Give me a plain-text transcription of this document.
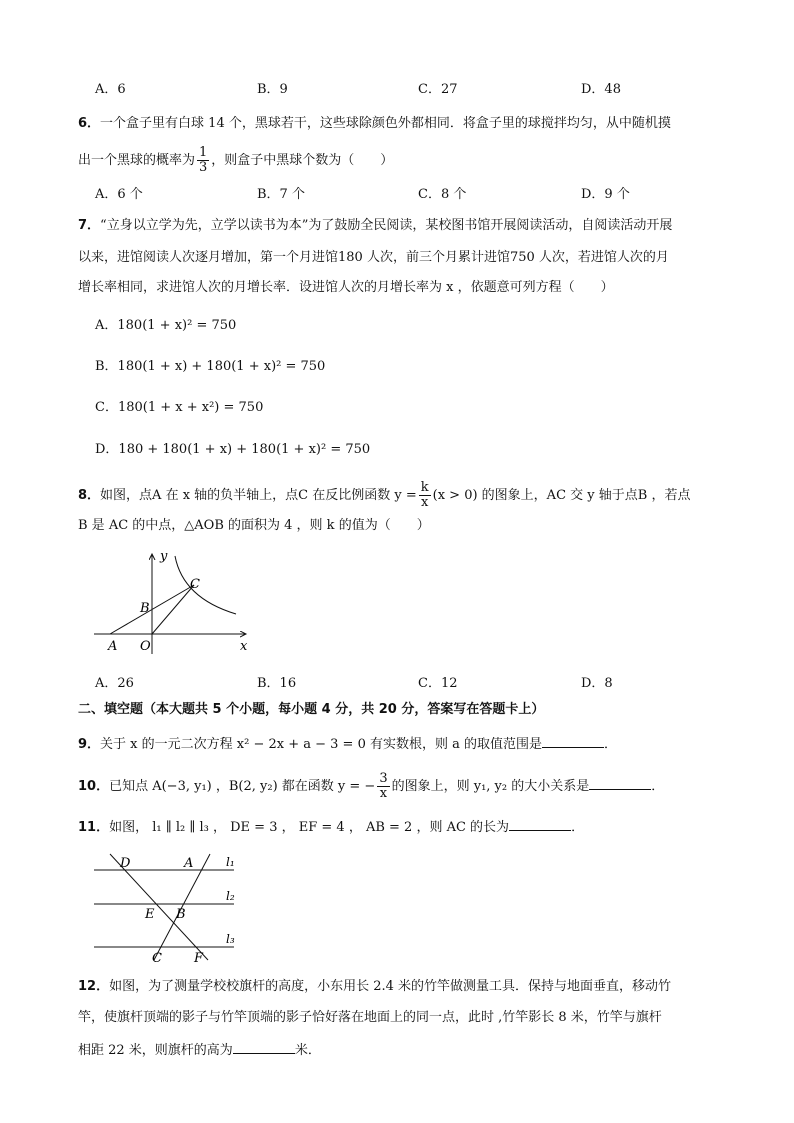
A．6	B．9	C．27	D．48
6．一个盒子里有白球 14 个，黑球若干，这些球除颜色外都相同．将盒子里的球搅拌均匀，从中随机摸
出一个黑球的概率为 $\frac{1}{3}$ ，则盒子中黑球个数为（　　）
A．6 个	B．7 个	C．8 个	D．9 个
7．“立身以立学为先，立学以读书为本”为了鼓励全民阅读，某校图书馆开展阅读活动，自阅读活动开展
以来，进馆阅读人次逐月增加，第一个月进馆180 人次，前三个月累计进馆750 人次，若进馆人次的月
增长率相同，求进馆人次的月增长率．设进馆人次的月增长率为 x ，依题意可列方程（　　）
A．180(1 + x)² = 750
B．180(1 + x) + 180(1 + x)² = 750
C．180(1 + x + x²) = 750
D．180 + 180(1 + x) + 180(1 + x)² = 750
8．如图，点A 在 x 轴的负半轴上，点C 在反比例函数 $y = \frac{k}{x} (x > 0)$ 的图象上，AC 交 y 轴于点B ，若点
B 是 AC 的中点，△AOB 的面积为 4 ，则 k 的值为（　　）
y
x
O
A
B
C
A．26	B．16	C．12	D．8
二、填空题（本大题共 5 个小题，每小题 4 分，共 20 分，答案写在答题卡上）
9．关于 x 的一元二次方程 x² − 2x + a − 3 = 0 有实数根，则 a 的取值范围是	．
10．已知点 A(−3, y₁) ，B(2, y₂) 都在函数 y = − $\frac{3}{x}$ 的图象上，则 y₁, y₂ 的大小关系是	．
11．如图， l₁ ∥ l₂ ∥ l₃ ， DE = 3 ， EF = 4 ， AB = 2 ，则 AC 的长为	．
D	A	l₁
l₂
l₃
E B
C F
12．如图，为了测量学校校旗杆的高度，小东用长 2.4 米的竹竿做测量工具．保持与地面垂直，移动竹
竿，使旗杆顶端的影子与竹竿顶端的影子恰好落在地面上的同一点，此时 ,竹竿影长 8 米，竹竿与旗杆
相距 22 米，则旗杆的高为	米．
